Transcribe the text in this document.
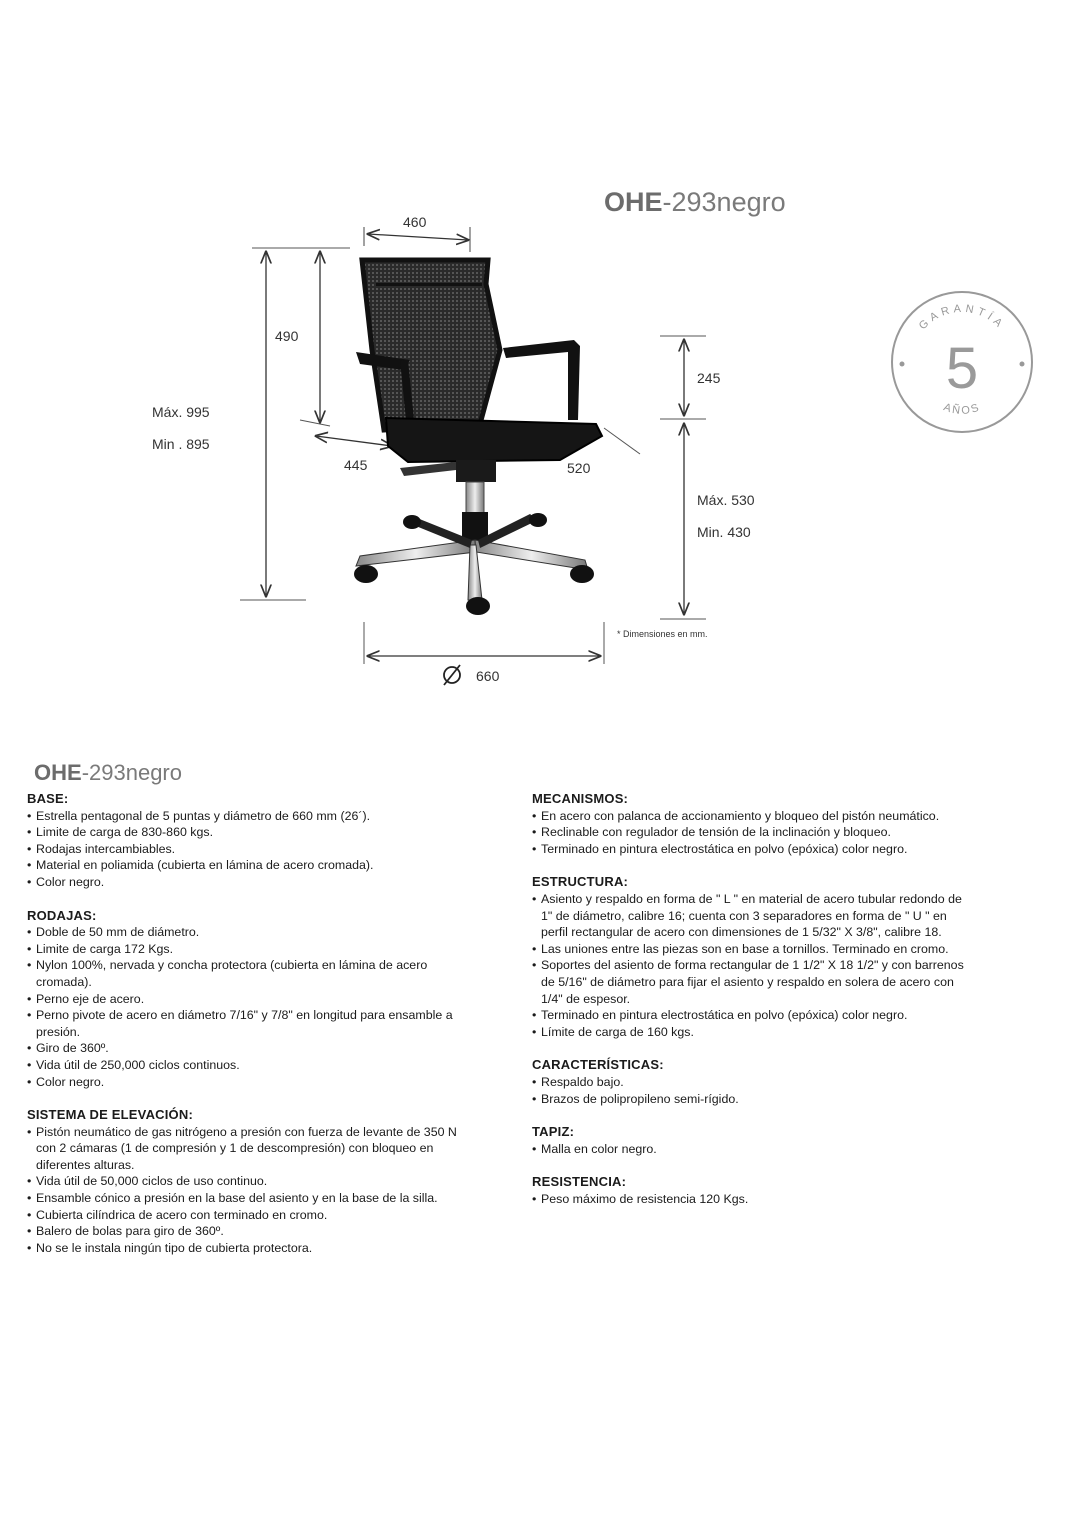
OHE-293negro
GARANTÍA
5
AÑOS
460
490
Máx. 995
Min . 895
445	520
245
Máx. 530
Min. 430
660
* Dimensiones en mm.
OHE-293negro
BASE:
• Estrella pentagonal de 5 puntas y diámetro de 660 mm (26´).
• Limite de carga de 830-860 kgs.
• Rodajas intercambiables.
• Material en poliamida (cubierta en lámina de acero cromada).
• Color negro.
RODAJAS:
• Doble de 50 mm de diámetro.
• Limite de carga 172 Kgs.
• Nylon 100%, nervada y concha protectora (cubierta en lámina de acero cromada).
• Perno eje de acero.
• Perno pivote de acero en diámetro 7/16" y 7/8" en longitud para ensamble a presión.
• Giro de 360º.
• Vida útil de 250,000 ciclos continuos.
• Color negro.
SISTEMA DE ELEVACIÓN:
• Pistón neumático de gas nitrógeno a presión con fuerza de levante de 350 N con 2 cámaras (1 de compresión y 1 de descompresión) con bloqueo en diferentes alturas.
• Vida útil de 50,000 ciclos de uso continuo.
• Ensamble cónico a presión en la base del asiento y en la base de la silla.
• Cubierta cilíndrica de acero con terminado en cromo.
• Balero de bolas para giro de 360º.
• No se le instala ningún tipo de cubierta protectora.
MECANISMOS:
• En acero con palanca de accionamiento y bloqueo del pistón neumático.
• Reclinable con regulador de tensión de la inclinación y bloqueo.
• Terminado en pintura electrostática en polvo (epóxica) color negro.
ESTRUCTURA:
• Asiento y respaldo en forma de " L " en material de acero tubular redondo de 1" de diámetro, calibre 16; cuenta con 3 separadores en forma de " U " en perfil rectangular de acero con dimensiones de 1 5/32" X 3/8", calibre 18.
• Las uniones entre las piezas son en base a tornillos. Terminado en cromo.
• Soportes del asiento de forma rectangular de 1 1/2" X 18 1/2" y con barrenos de 5/16" de diámetro para fijar el asiento y respaldo en solera de acero con 1/4" de espesor.
• Terminado en pintura electrostática en polvo (epóxica) color negro.
• Límite de carga de 160 kgs.
CARACTERÍSTICAS:
• Respaldo bajo.
• Brazos de polipropileno semi-rígido.
TAPIZ:
• Malla en color negro.
RESISTENCIA:
• Peso máximo de resistencia 120 Kgs.
